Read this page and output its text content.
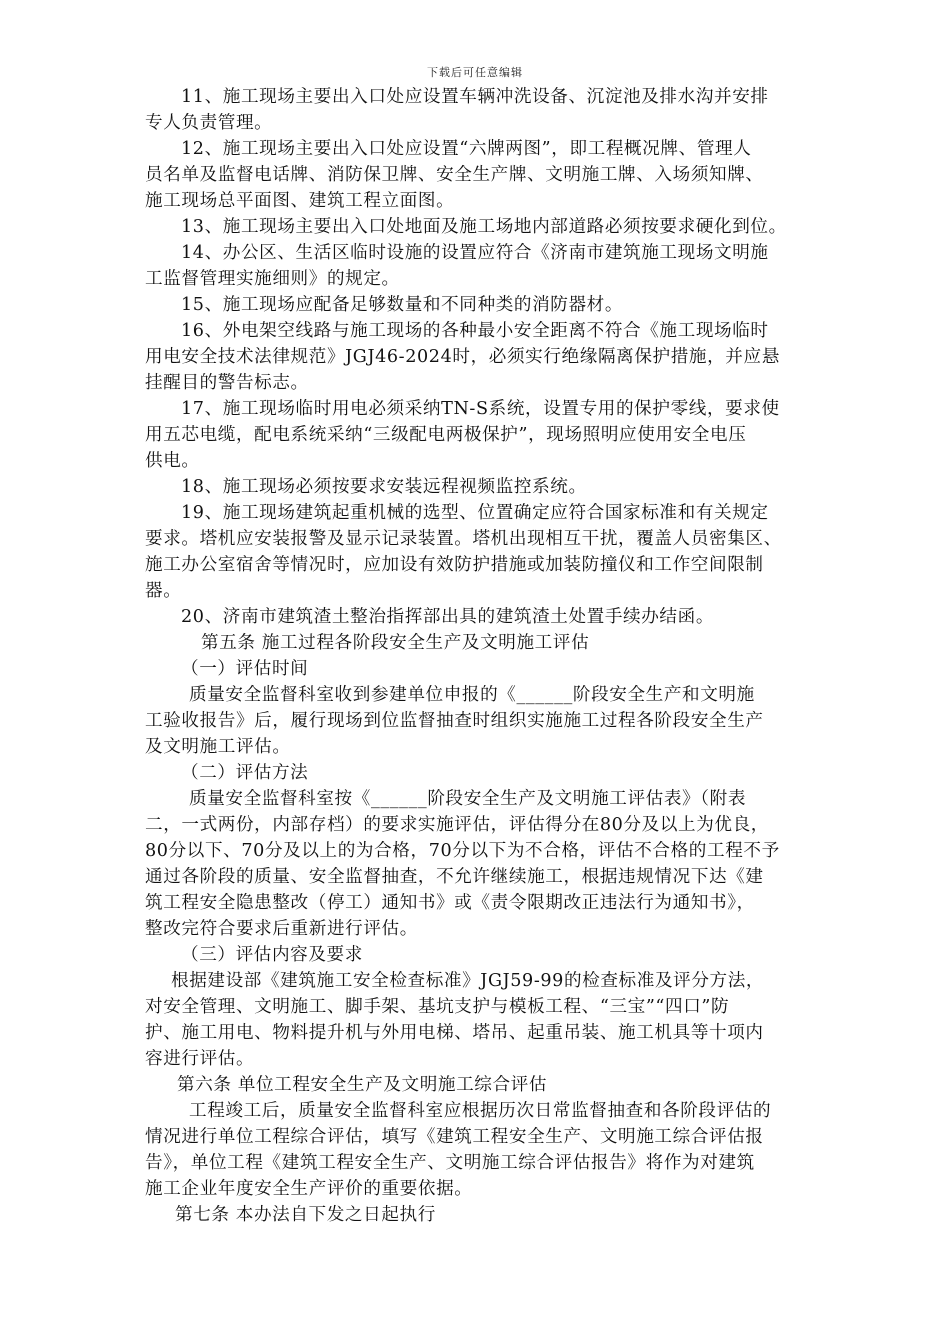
下载后可任意编辑
11、施工现场主要出入口处应设置车辆冲洗设备、沉淀池及排水沟并安排
专人负责管理。
12、施工现场主要出入口处应设置“六牌两图”，即工程概况牌、管理人
员名单及监督电话牌、消防保卫牌、安全生产牌、文明施工牌、入场须知牌、
施工现场总平面图、建筑工程立面图。
13、施工现场主要出入口处地面及施工场地内部道路必须按要求硬化到位。
14、办公区、生活区临时设施的设置应符合《济南市建筑施工现场文明施
工监督管理实施细则》的规定。
15、施工现场应配备足够数量和不同种类的消防器材。
16、外电架空线路与施工现场的各种最小安全距离不符合《施工现场临时
用电安全技术法律规范》JGJ46-2024时，必须实行绝缘隔离保护措施，并应悬
挂醒目的警告标志。
17、施工现场临时用电必须采纳TN-S系统，设置专用的保护零线，要求使
用五芯电缆，配电系统采纳“三级配电两极保护”，现场照明应使用安全电压
供电。
18、施工现场必须按要求安装远程视频监控系统。
19、施工现场建筑起重机械的选型、位置确定应符合国家标准和有关规定
要求。塔机应安装报警及显示记录装置。塔机出现相互干扰，覆盖人员密集区、
施工办公室宿舍等情况时，应加设有效防护措施或加装防撞仪和工作空间限制
器。
20、济南市建筑渣土整治指挥部出具的建筑渣土处置手续办结函。
第五条 施工过程各阶段安全生产及文明施工评估
（一）评估时间
质量安全监督科室收到参建单位申报的《______阶段安全生产和文明施
工验收报告》后，履行现场到位监督抽查时组织实施施工过程各阶段安全生产
及文明施工评估。
（二）评估方法
质量安全监督科室按《______阶段安全生产及文明施工评估表》（附表
二，一式两份，内部存档）的要求实施评估，评估得分在80分及以上为优良，
80分以下、70分及以上的为合格，70分以下为不合格，评估不合格的工程不予
通过各阶段的质量、安全监督抽查，不允许继续施工，根据违规情况下达《建
筑工程安全隐患整改（停工）通知书》或《责令限期改正违法行为通知书》，
整改完符合要求后重新进行评估。
（三）评估内容及要求
根据建设部《建筑施工安全检查标准》JGJ59-99的检查标准及评分方法，
对安全管理、文明施工、脚手架、基坑支护与模板工程、“三宝”“四口”防
护、施工用电、物料提升机与外用电梯、塔吊、起重吊装、施工机具等十项内
容进行评估。
第六条 单位工程安全生产及文明施工综合评估
工程竣工后，质量安全监督科室应根据历次日常监督抽查和各阶段评估的
情况进行单位工程综合评估，填写《建筑工程安全生产、文明施工综合评估报
告》，单位工程《建筑工程安全生产、文明施工综合评估报告》将作为对建筑
施工企业年度安全生产评价的重要依据。
第七条 本办法自下发之日起执行
